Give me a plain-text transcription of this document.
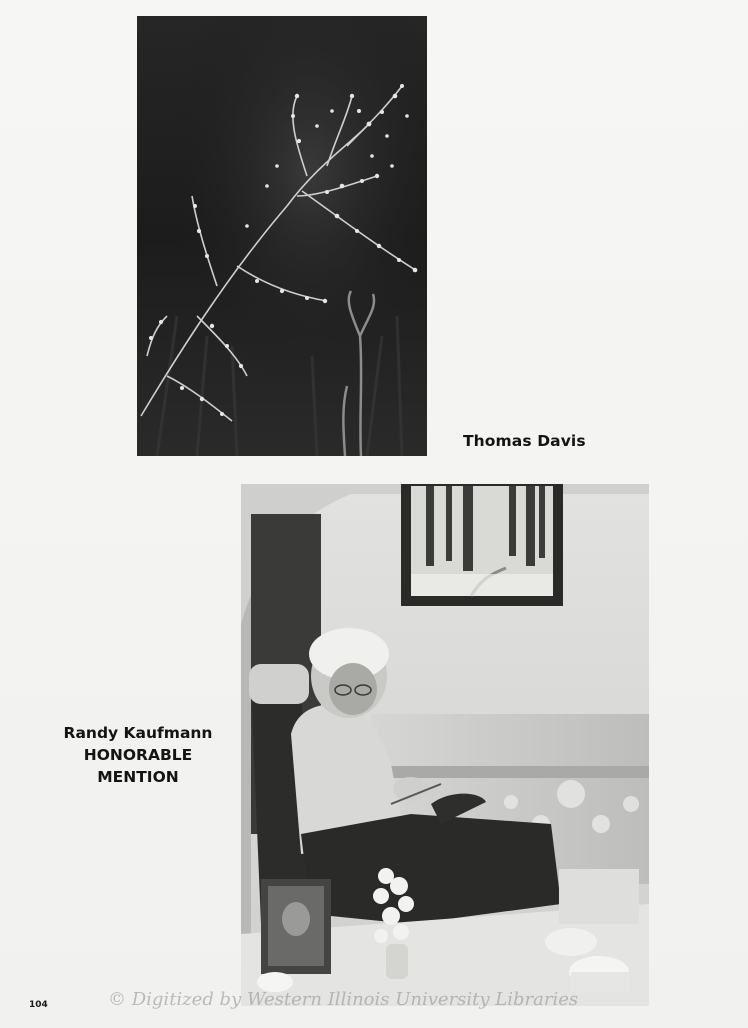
Thomas Davis
Randy Kaufmann
HONORABLE
MENTION
104	© Digitized by Western Illinois University Libraries
